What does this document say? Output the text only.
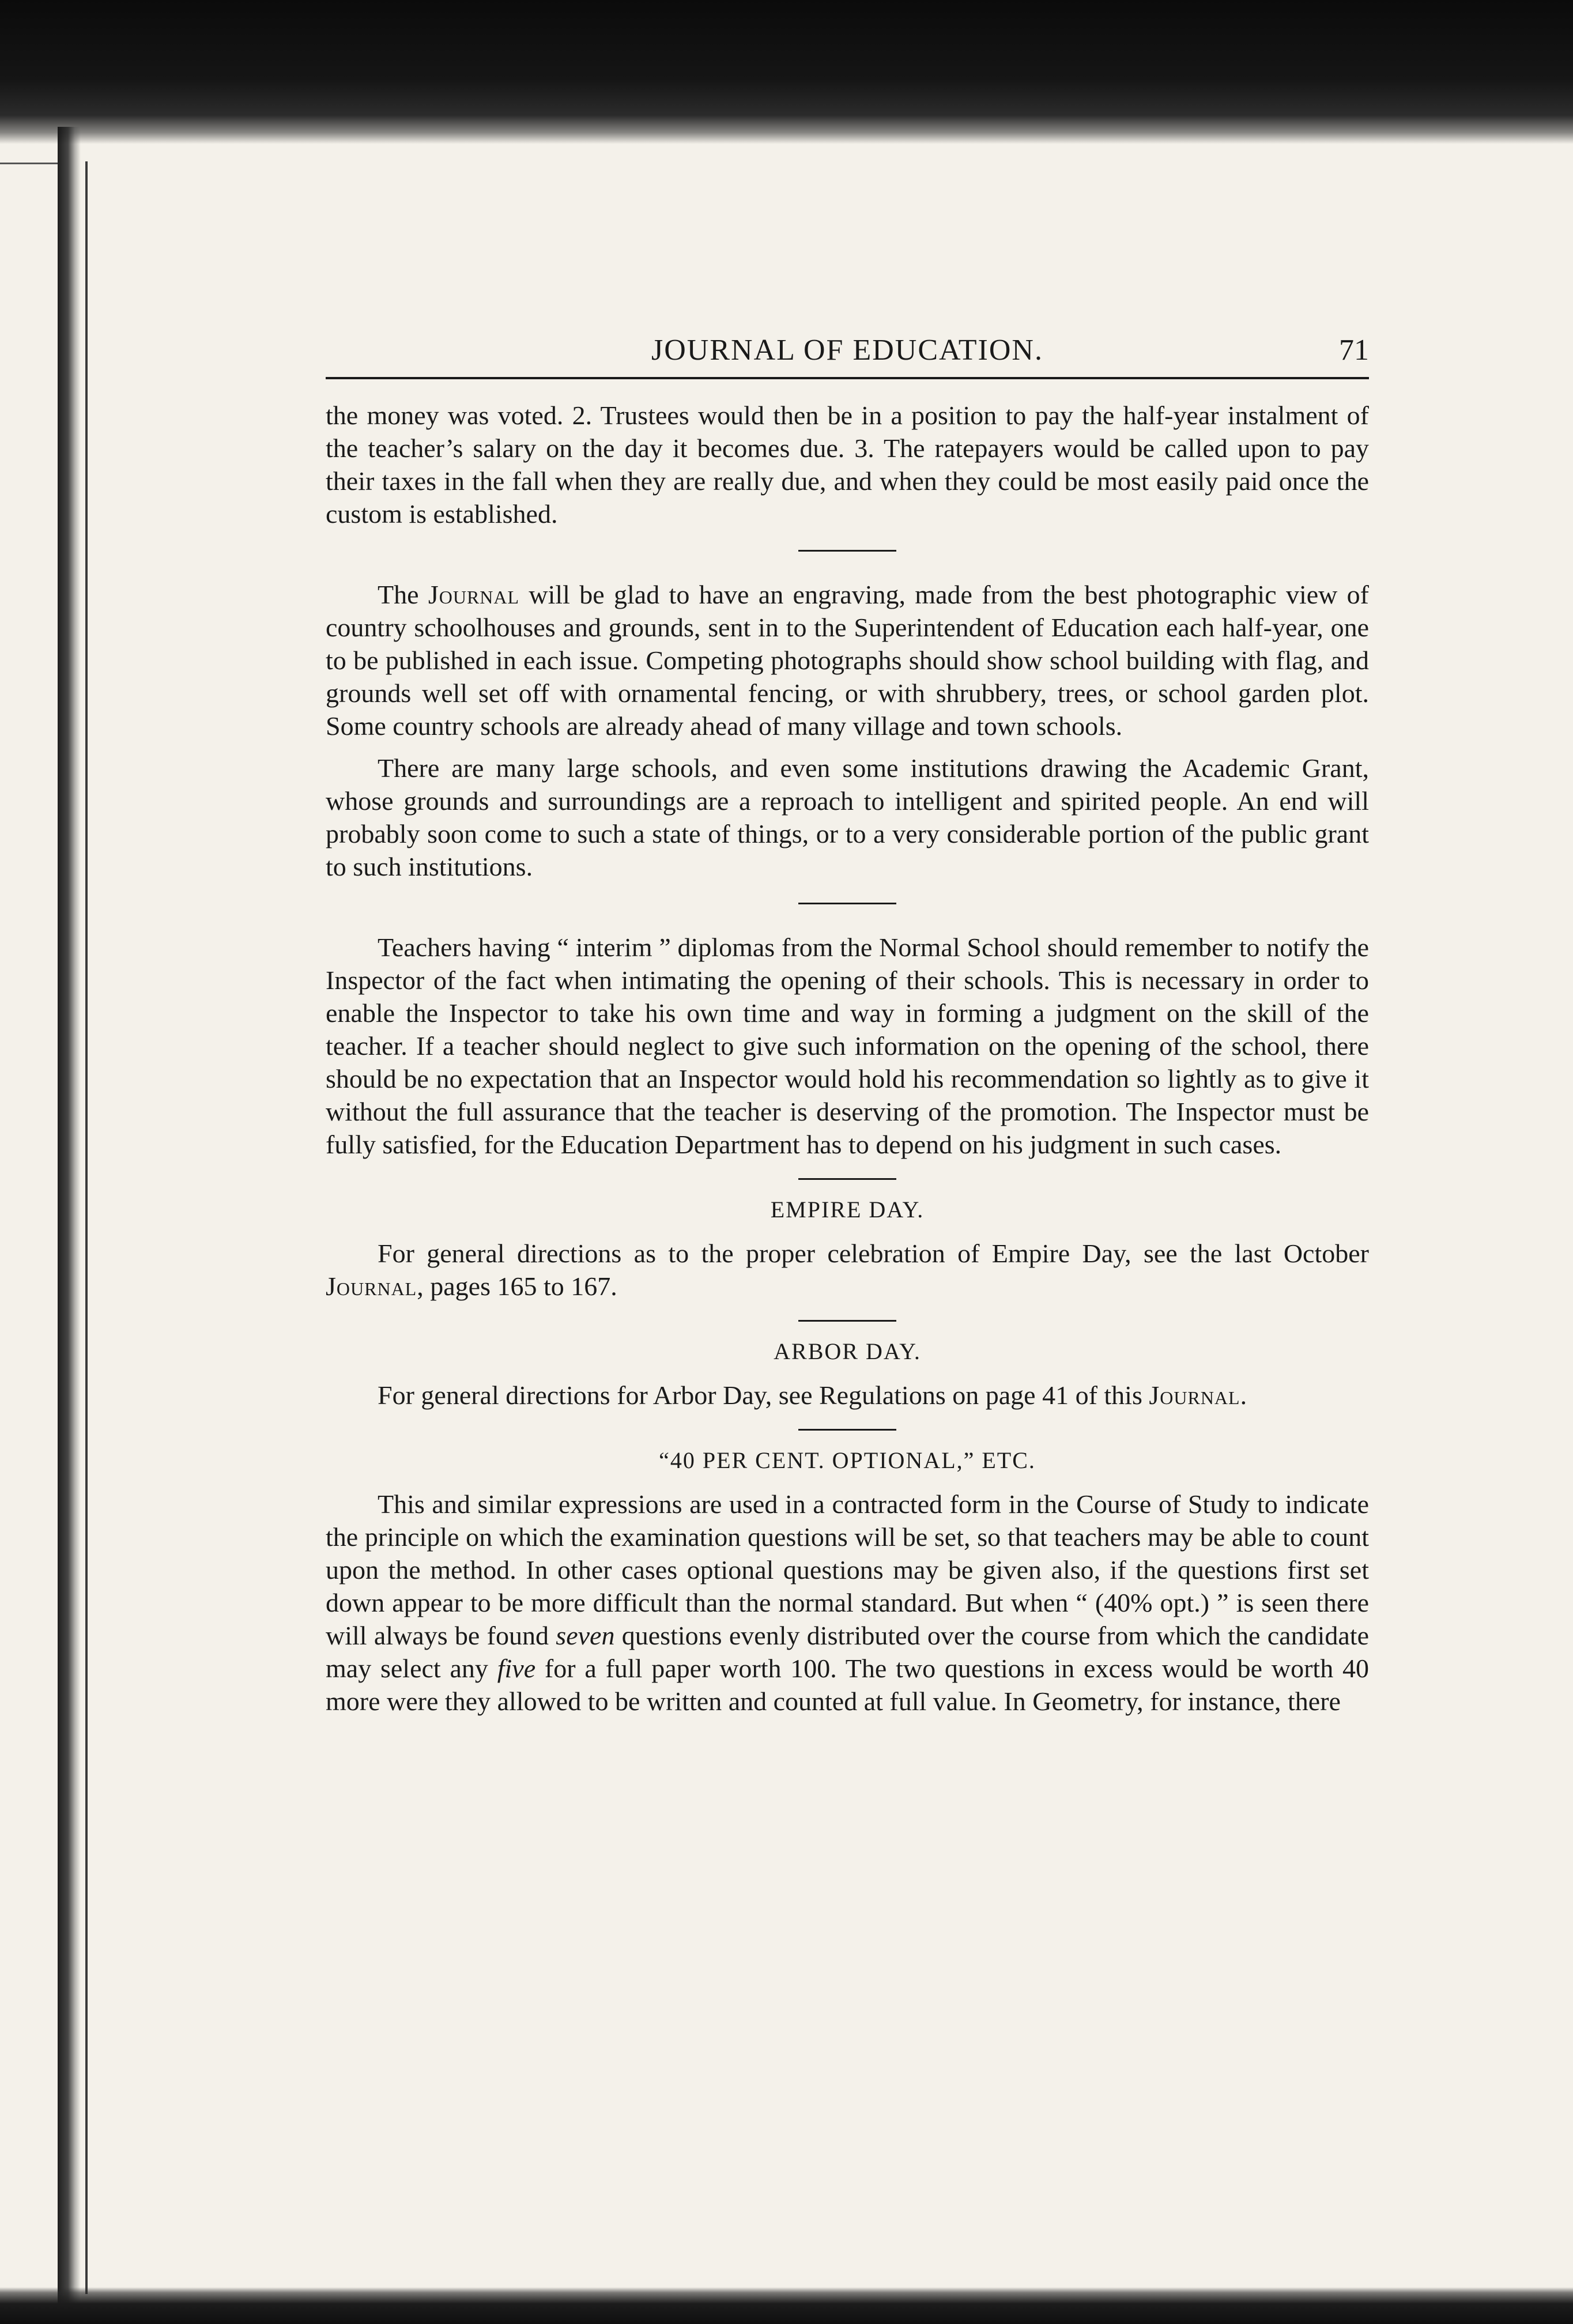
JOURNAL OF EDUCATION.	71

the money was voted. 2. Trustees would then be in a position to pay the half-year instalment of the teacher’s salary on the day it becomes due. 3. The ratepayers would be called upon to pay their taxes in the fall when they are really due, and when they could be most easily paid once the custom is established.

The Journal will be glad to have an engraving, made from the best photographic view of country schoolhouses and grounds, sent in to the Superintendent of Education each half-year, one to be published in each issue. Competing photographs should show school building with flag, and grounds well set off with ornamental fencing, or with shrubbery, trees, or school garden plot. Some country schools are already ahead of many village and town schools.

There are many large schools, and even some institutions drawing the Academic Grant, whose grounds and surroundings are a reproach to intelligent and spirited people. An end will probably soon come to such a state of things, or to a very considerable portion of the public grant to such institutions.

Teachers having “ interim ” diplomas from the Normal School should remember to notify the Inspector of the fact when intimating the opening of their schools. This is necessary in order to enable the Inspector to take his own time and way in forming a judgment on the skill of the teacher. If a teacher should neglect to give such information on the opening of the school, there should be no expectation that an Inspector would hold his recommendation so lightly as to give it without the full assurance that the teacher is deserving of the promotion. The Inspector must be fully satisfied, for the Education Department has to depend on his judgment in such cases.

EMPIRE DAY.

For general directions as to the proper celebration of Empire Day, see the last October Journal, pages 165 to 167.

ARBOR DAY.

For general directions for Arbor Day, see Regulations on page 41 of this Journal.

“40 PER CENT. OPTIONAL,” ETC.

This and similar expressions are used in a contracted form in the Course of Study to indicate the principle on which the examination questions will be set, so that teachers may be able to count upon the method. In other cases optional questions may be given also, if the questions first set down appear to be more difficult than the normal standard. But when “ (40% opt.) ” is seen there will always be found seven questions evenly distributed over the course from which the candidate may select any five for a full paper worth 100. The two questions in excess would be worth 40 more were they allowed to be written and counted at full value. In Geometry, for instance, there
